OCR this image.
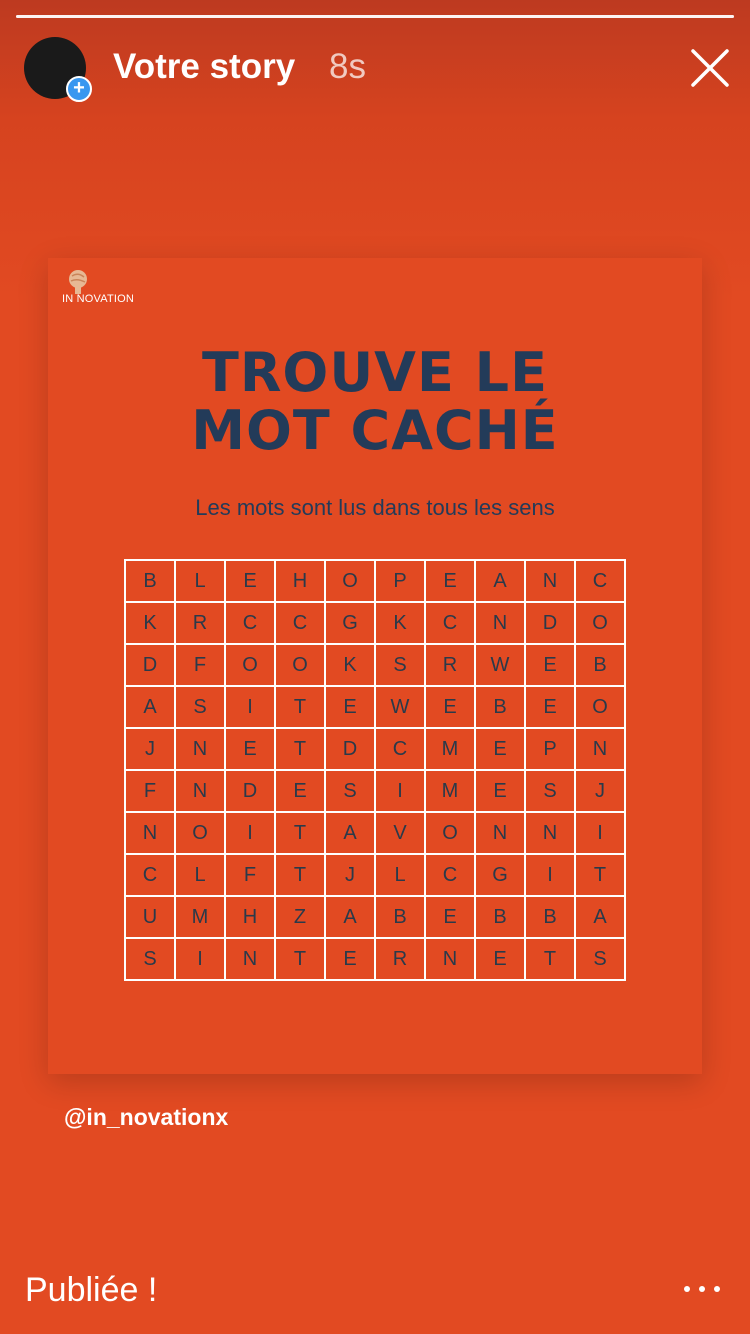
+
Votre story 8s
IN NOVATION
TROUVE LE
MOT CACHÉ
Les mots sont lus dans tous les sens
B	L	E	H	O	P	E	A	N	C
K	R	C	C	G	K	C	N	D	O
D	F	O	O	K	S	R	W	E	B
A	S	I	T	E	W	E	B	E	O
J	N	E	T	D	C	M	E	P	N
F	N	D	E	S	I	M	E	S	J
N	O	I	T	A	V	O	N	N	I
C	L	F	T	J	L	C	G	I	T
U	M	H	Z	A	B	E	B	B	A
S	I	N	T	E	R	N	E	T	S
@in_novationx
Publiée !
